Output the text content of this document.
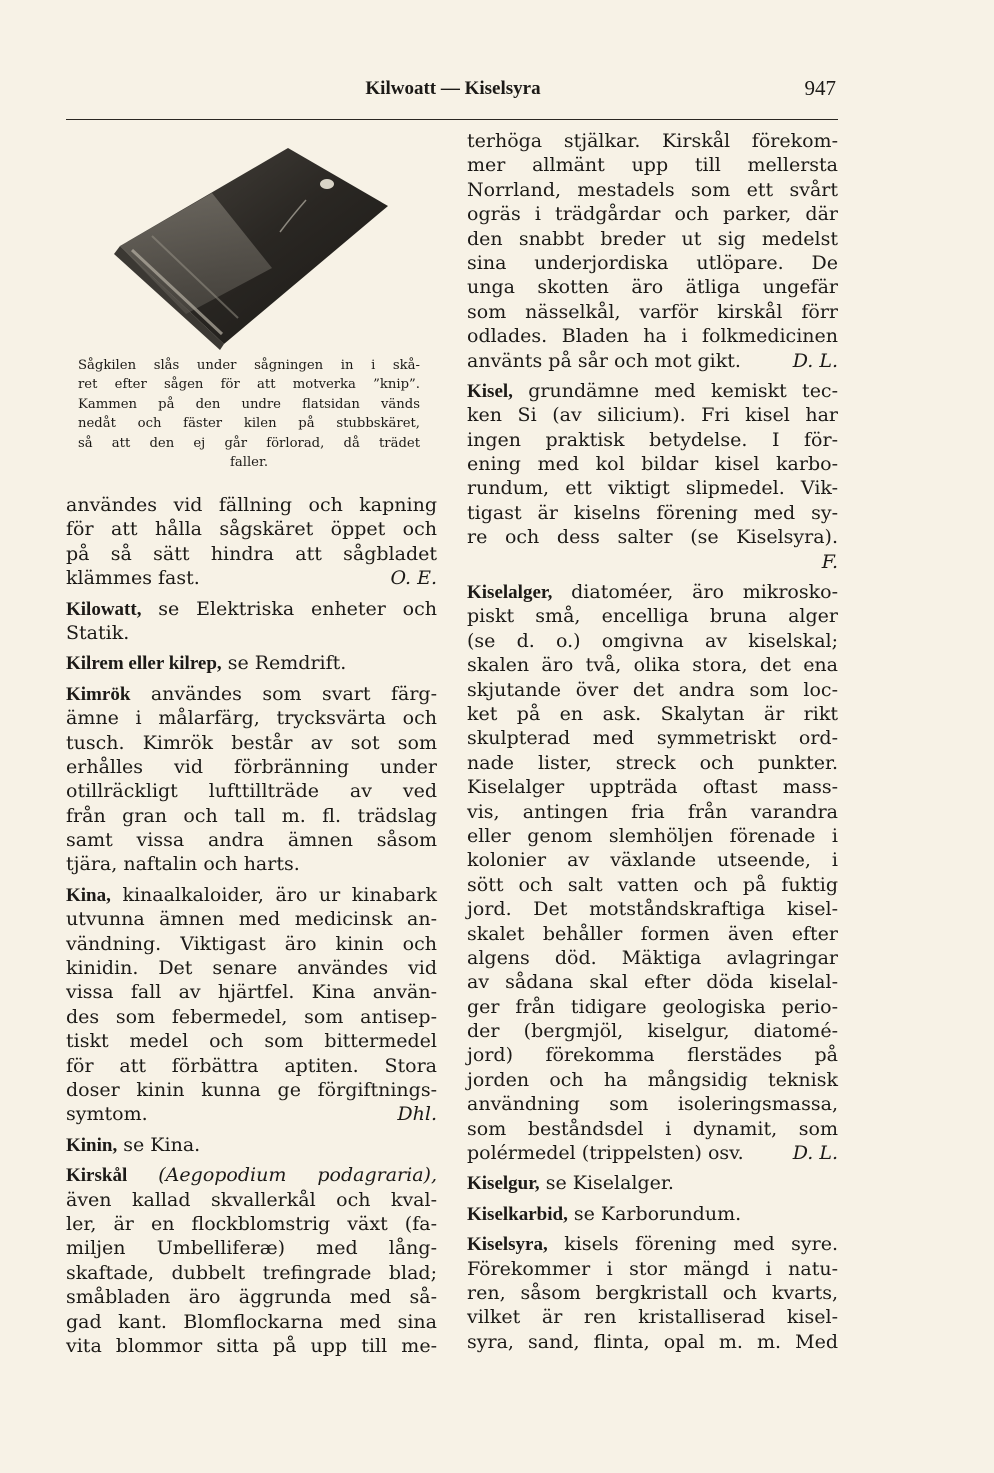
Kilwoatt — Kiselsyra	947
Sågkilen slås under sågningen in i skå-
ret efter sågen för att motverka ”knip”.
Kammen på den undre flatsidan vänds
nedåt och fäster kilen på stubbskäret,
så att den ej går förlorad, då trädet
faller.
användes vid fällning och kapning
för att hålla sågskäret öppet och
på så sätt hindra att sågbladet
klämmes fast.	O. E.
Kilowatt, se Elektriska enheter och
Statik.
Kilrem eller kilrep, se Remdrift.
Kimrök användes som svart färg-
ämne i målarfärg, trycksvärta och
tusch. Kimrök består av sot som
erhålles vid förbränning under
otillräckligt lufttillträde av ved
från gran och tall m. fl. trädslag
samt vissa andra ämnen såsom
tjära, naftalin och harts.
Kina, kinaalkaloider, äro ur kinabark
utvunna ämnen med medicinsk an-
vändning. Viktigast äro kinin och
kinidin. Det senare användes vid
vissa fall av hjärtfel. Kina använ-
des som febermedel, som antisep-
tiskt medel och som bittermedel
för att förbättra aptiten. Stora
doser kinin kunna ge förgiftnings-
symtom.	Dhl.
Kinin, se Kina.
Kirskål (Aegopodium podagraria),
även kallad skvallerkål och kval-
ler, är en flockblomstrig växt (fa-
miljen Umbelliferæ) med lång-
skaftade, dubbelt trefingrade blad;
småbladen äro äggrunda med så-
gad kant. Blomflockarna med sina
vita blommor sitta på upp till me-
terhöga stjälkar. Kirskål förekom-
mer allmänt upp till mellersta
Norrland, mestadels som ett svårt
ogräs i trädgårdar och parker, där
den snabbt breder ut sig medelst
sina underjordiska utlöpare. De
unga skotten äro ätliga ungefär
som nässelkål, varför kirskål förr
odlades. Bladen ha i folkmedicinen
använts på sår och mot gikt.	D. L.
Kisel, grundämne med kemiskt tec-
ken Si (av silicium). Fri kisel har
ingen praktisk betydelse. I för-
ening med kol bildar kisel karbo-
rundum, ett viktigt slipmedel. Vik-
tigast är kiselns förening med sy-
re och dess salter (se Kiselsyra).
F.
Kiselalger, diatoméer, äro mikrosko-
piskt små, encelliga bruna alger
(se d. o.) omgivna av kiselskal;
skalen äro två, olika stora, det ena
skjutande över det andra som loc-
ket på en ask. Skalytan är rikt
skulpterad med symmetriskt ord-
nade lister, streck och punkter.
Kiselalger uppträda oftast mass-
vis, antingen fria från varandra
eller genom slemhöljen förenade i
kolonier av växlande utseende, i
sött och salt vatten och på fuktig
jord. Det motståndskraftiga kisel-
skalet behåller formen även efter
algens död. Mäktiga avlagringar
av sådana skal efter döda kiselal-
ger från tidigare geologiska perio-
der (bergmjöl, kiselgur, diatomé-
jord) förekomma flerstädes på
jorden och ha mångsidig teknisk
användning som isoleringsmassa,
som beståndsdel i dynamit, som
polérmedel (trippelsten) osv.	D. L.
Kiselgur, se Kiselalger.
Kiselkarbid, se Karborundum.
Kiselsyra, kisels förening med syre.
Förekommer i stor mängd i natu-
ren, såsom bergkristall och kvarts,
vilket är ren kristalliserad kisel-
syra, sand, flinta, opal m. m. Med
